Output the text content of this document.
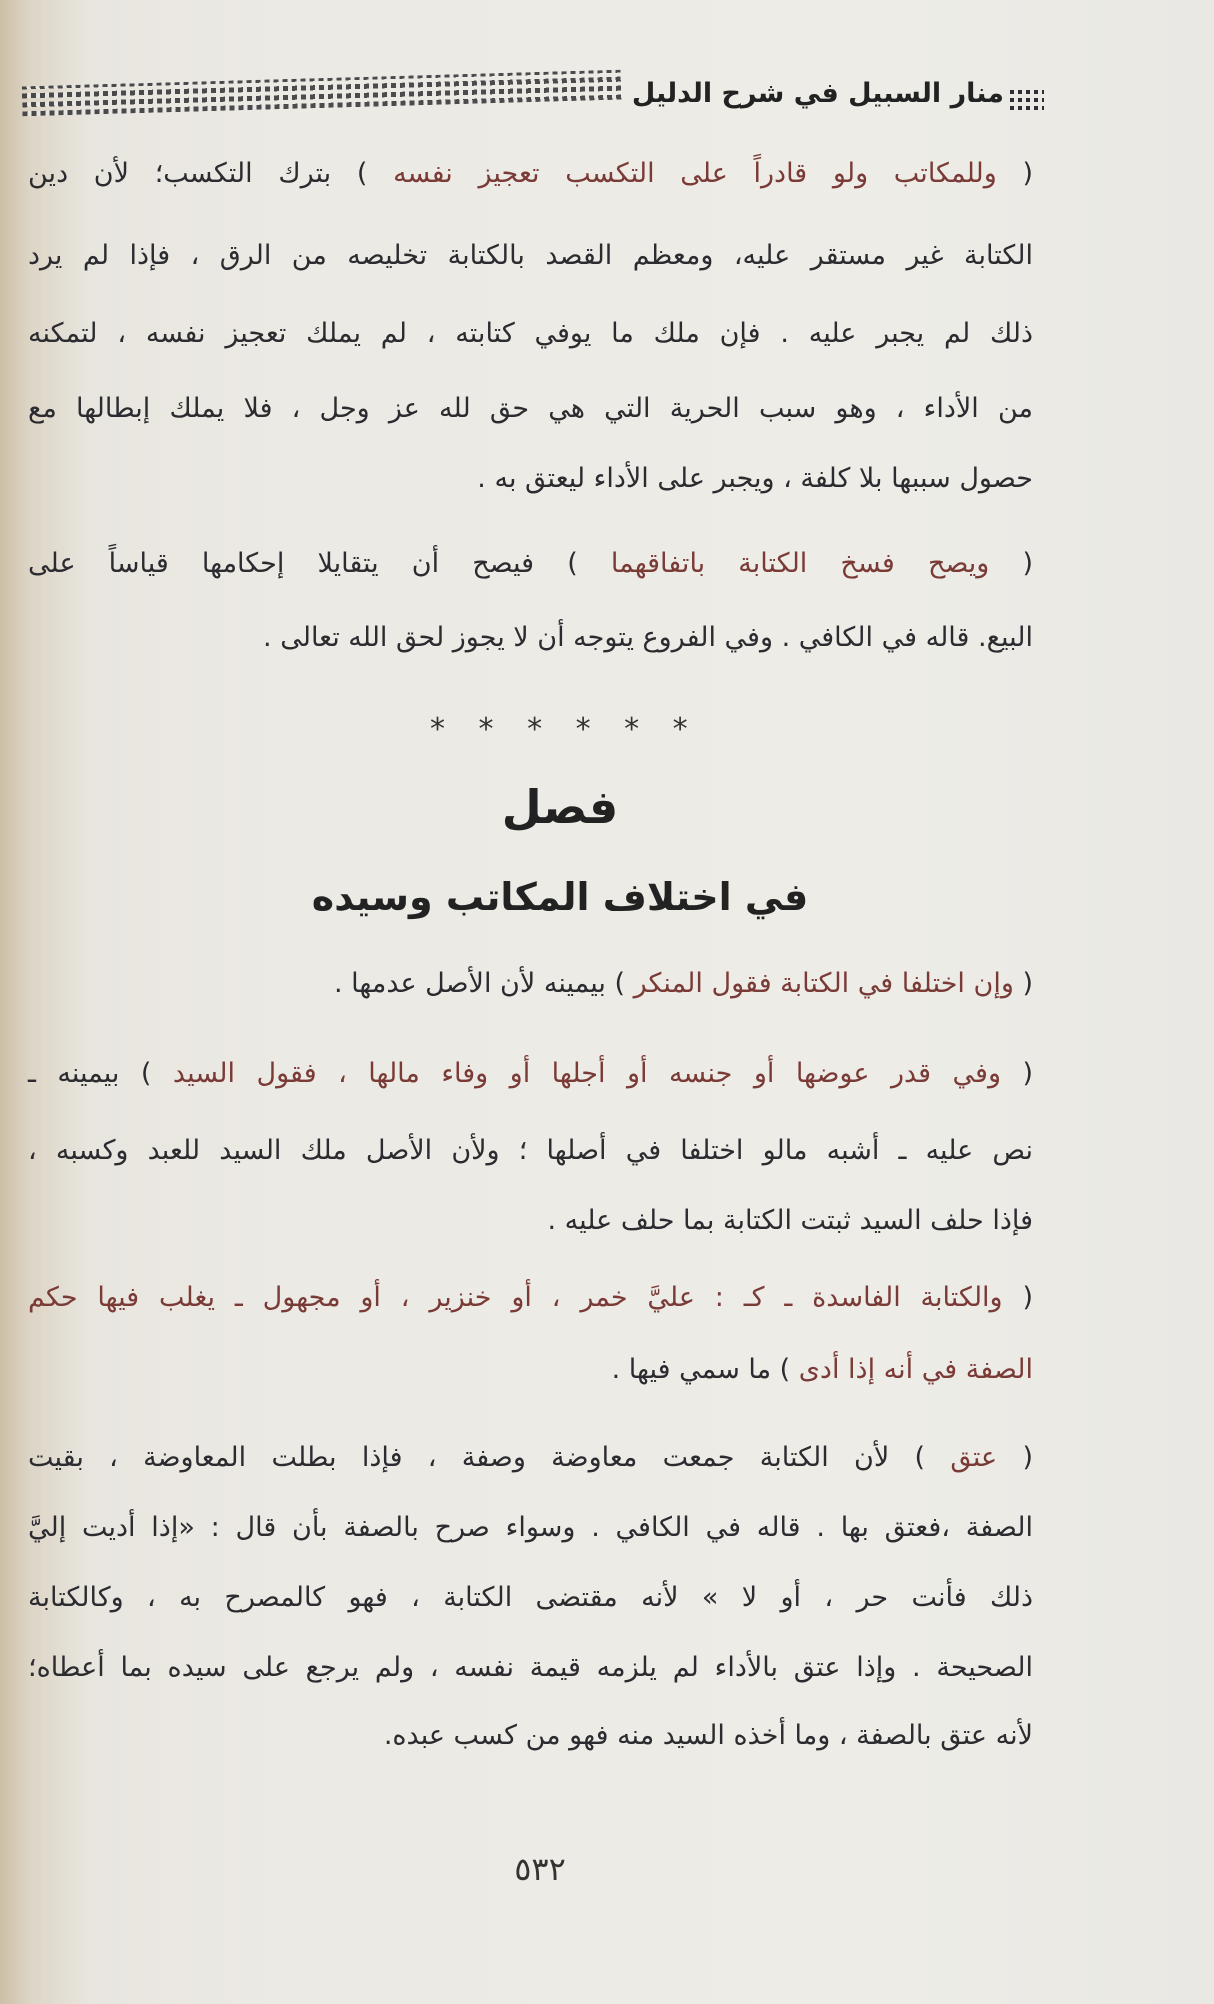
منار السبيل في شرح الدليل
( وللمكاتب ولو قادراً على التكسب تعجيز نفسه ) بترك التكسب؛ لأن دين
الكتابة غير مستقر عليه، ومعظم القصد بالكتابة تخليصه من الرق ، فإذا لم يرد
ذلك لم يجبر عليه . فإن ملك ما يوفي كتابته ، لم يملك تعجيز نفسه ، لتمكنه
من الأداء ، وهو سبب الحرية التي هي حق لله عز وجل ، فلا يملك إبطالها مع
حصول سببها بلا كلفة ، ويجبر على الأداء ليعتق به .
( ويصح فسخ الكتابة باتفاقهما ) فيصح أن يتقايلا إحكامها قياساً على
البيع. قاله في الكافي . وفي الفروع يتوجه أن لا يجوز لحق الله تعالى .
* * * * * *
فصل
في اختلاف المكاتب وسيده
( وإن اختلفا في الكتابة فقول المنكر ) بيمينه لأن الأصل عدمها .
( وفي قدر عوضها أو جنسه أو أجلها أو وفاء مالها ، فقول السيد ) بيمينه ـ
نص عليه ـ أشبه مالو اختلفا في أصلها ؛ ولأن الأصل ملك السيد للعبد وكسبه ،
فإذا حلف السيد ثبتت الكتابة بما حلف عليه .
( والكتابة الفاسدة ـ كـ : عليَّ خمر ، أو خنزير ، أو مجهول ـ يغلب فيها حكم
الصفة في أنه إذا أدى ) ما سمي فيها .
( عتق ) لأن الكتابة جمعت معاوضة وصفة ، فإذا بطلت المعاوضة ، بقيت
الصفة ،فعتق بها . قاله في الكافي . وسواء صرح بالصفة بأن قال : «إذا أديت إليَّ
ذلك فأنت حر ، أو لا » لأنه مقتضى الكتابة ، فهو كالمصرح به ، وكالكتابة
الصحيحة . وإذا عتق بالأداء لم يلزمه قيمة نفسه ، ولم يرجع على سيده بما أعطاه؛
لأنه عتق بالصفة ، وما أخذه السيد منه فهو من كسب عبده.
٥٣٢
